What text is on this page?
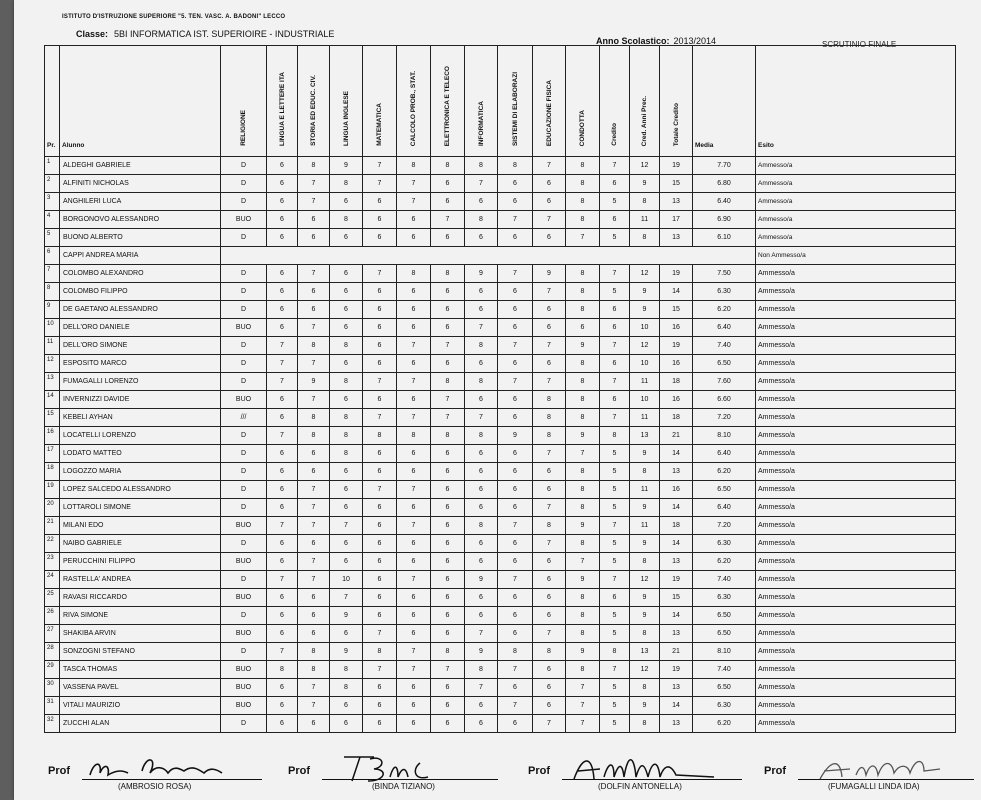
ISTITUTO D'ISTRUZIONE SUPERIORE "5. TEN. VASC. A. BADONI" LECCO
Classe: 5BI INFORMATICA IST. SUPERIOIRE - INDUSTRIALE
Anno Scolastico: 2013/2014	SCRUTINIO FINALE
Pr.	Alunno	RELIGIONE	LINGUA E LETTERE ITA	STORIA ED EDUC. CIV.	LINGUA INGLESE	MATEMATICA	CALCOLO PROB., STAT.	ELETTRONICA E TELECO	INFORMATICA	SISTEMI DI ELABORAZI	EDUCAZIONE FISICA	CONDOTTA	Credito	Cred. Anni Prec.	Totale Credito	Media	Esito

1	ALDEGHI GABRIELE	D	6	8	9	7	8	8	8	8	7	8	7	12	19	7.70	Ammesso/a
2	ALFINITI NICHOLAS	D	6	7	8	7	7	6	7	6	6	8	6	9	15	6.80	Ammesso/a
3	ANGHILERI LUCA	D	6	7	6	6	7	6	6	6	6	8	5	8	13	6.40	Ammesso/a
4	BORGONOVO ALESSANDRO	BUO	6	6	8	6	6	7	8	7	7	8	6	11	17	6.90	Ammesso/a
5	BUONO ALBERTO	D	6	6	6	6	6	6	6	6	6	7	5	8	13	6.10	Ammesso/a
6	CAPPI ANDREA MARIA																Non Ammesso/a
7	COLOMBO ALEXANDRO	D	6	7	6	7	8	8	9	7	9	8	7	12	19	7.50	Ammesso/a
8	COLOMBO FILIPPO	D	6	6	6	6	6	6	6	6	7	8	5	9	14	6.30	Ammesso/a
9	DE GAETANO ALESSANDRO	D	6	6	6	6	6	6	6	6	6	8	6	9	15	6.20	Ammesso/a
10	DELL'ORO DANIELE	BUO	6	7	6	6	6	6	7	6	6	6	6	10	16	6.40	Ammesso/a
11	DELL'ORO SIMONE	D	7	8	8	6	7	7	8	7	7	9	7	12	19	7.40	Ammesso/a
12	ESPOSITO MARCO	D	7	7	6	6	6	6	6	6	6	8	6	10	16	6.50	Ammesso/a
13	FUMAGALLI LORENZO	D	7	9	8	7	7	8	8	7	7	8	7	11	18	7.60	Ammesso/a
14	INVERNIZZI DAVIDE	BUO	6	7	6	6	6	7	6	6	8	8	6	10	16	6.60	Ammesso/a
15	KEBELI AYHAN	///	6	8	8	7	7	7	7	6	8	8	7	11	18	7.20	Ammesso/a
16	LOCATELLI LORENZO	D	7	8	8	8	8	8	8	9	8	9	8	13	21	8.10	Ammesso/a
17	LODATO MATTEO	D	6	6	8	6	6	6	6	6	7	7	5	9	14	6.40	Ammesso/a
18	LOGOZZO MARIA	D	6	6	6	6	6	6	6	6	6	8	5	8	13	6.20	Ammesso/a
19	LOPEZ SALCEDO ALESSANDRO	D	6	7	6	7	7	6	6	6	6	8	5	11	16	6.50	Ammesso/a
20	LOTTAROLI SIMONE	D	6	7	6	6	6	6	6	6	7	8	5	9	14	6.40	Ammesso/a
21	MILANI EDO	BUO	7	7	7	6	7	6	8	7	8	9	7	11	18	7.20	Ammesso/a
22	NAIBO GABRIELE	D	6	6	6	6	6	6	6	6	7	8	5	9	14	6.30	Ammesso/a
23	PERUCCHINI FILIPPO	BUO	6	7	6	6	6	6	6	6	6	7	5	8	13	6.20	Ammesso/a
24	RASTELLA' ANDREA	D	7	7	10	6	7	6	9	7	6	9	7	12	19	7.40	Ammesso/a
25	RAVASI RICCARDO	BUO	6	6	7	6	6	6	6	6	6	8	6	9	15	6.30	Ammesso/a
26	RIVA SIMONE	D	6	6	9	6	6	6	6	6	6	8	5	9	14	6.50	Ammesso/a
27	SHAKIBA ARVIN	BUO	6	6	6	7	6	6	7	6	7	8	5	8	13	6.50	Ammesso/a
28	SONZOGNI STEFANO	D	7	8	9	8	7	8	9	8	8	9	8	13	21	8.10	Ammesso/a
29	TASCA THOMAS	BUO	8	8	8	7	7	7	8	7	6	8	7	12	19	7.40	Ammesso/a
30	VASSENA PAVEL	BUO	6	7	8	6	6	6	7	6	6	7	5	8	13	6.50	Ammesso/a
31	VITALI MAURIZIO	BUO	6	7	6	6	6	6	6	7	6	7	5	9	14	6.30	Ammesso/a
32	ZUCCHI ALAN	D	6	6	6	6	6	6	6	6	7	7	5	8	13	6.20	Ammesso/a
Prof
(AMBROSIO ROSA)
Prof
(BINDA TIZIANO)
Prof
(DOLFIN ANTONELLA)
Prof
(FUMAGALLI LINDA IDA)
